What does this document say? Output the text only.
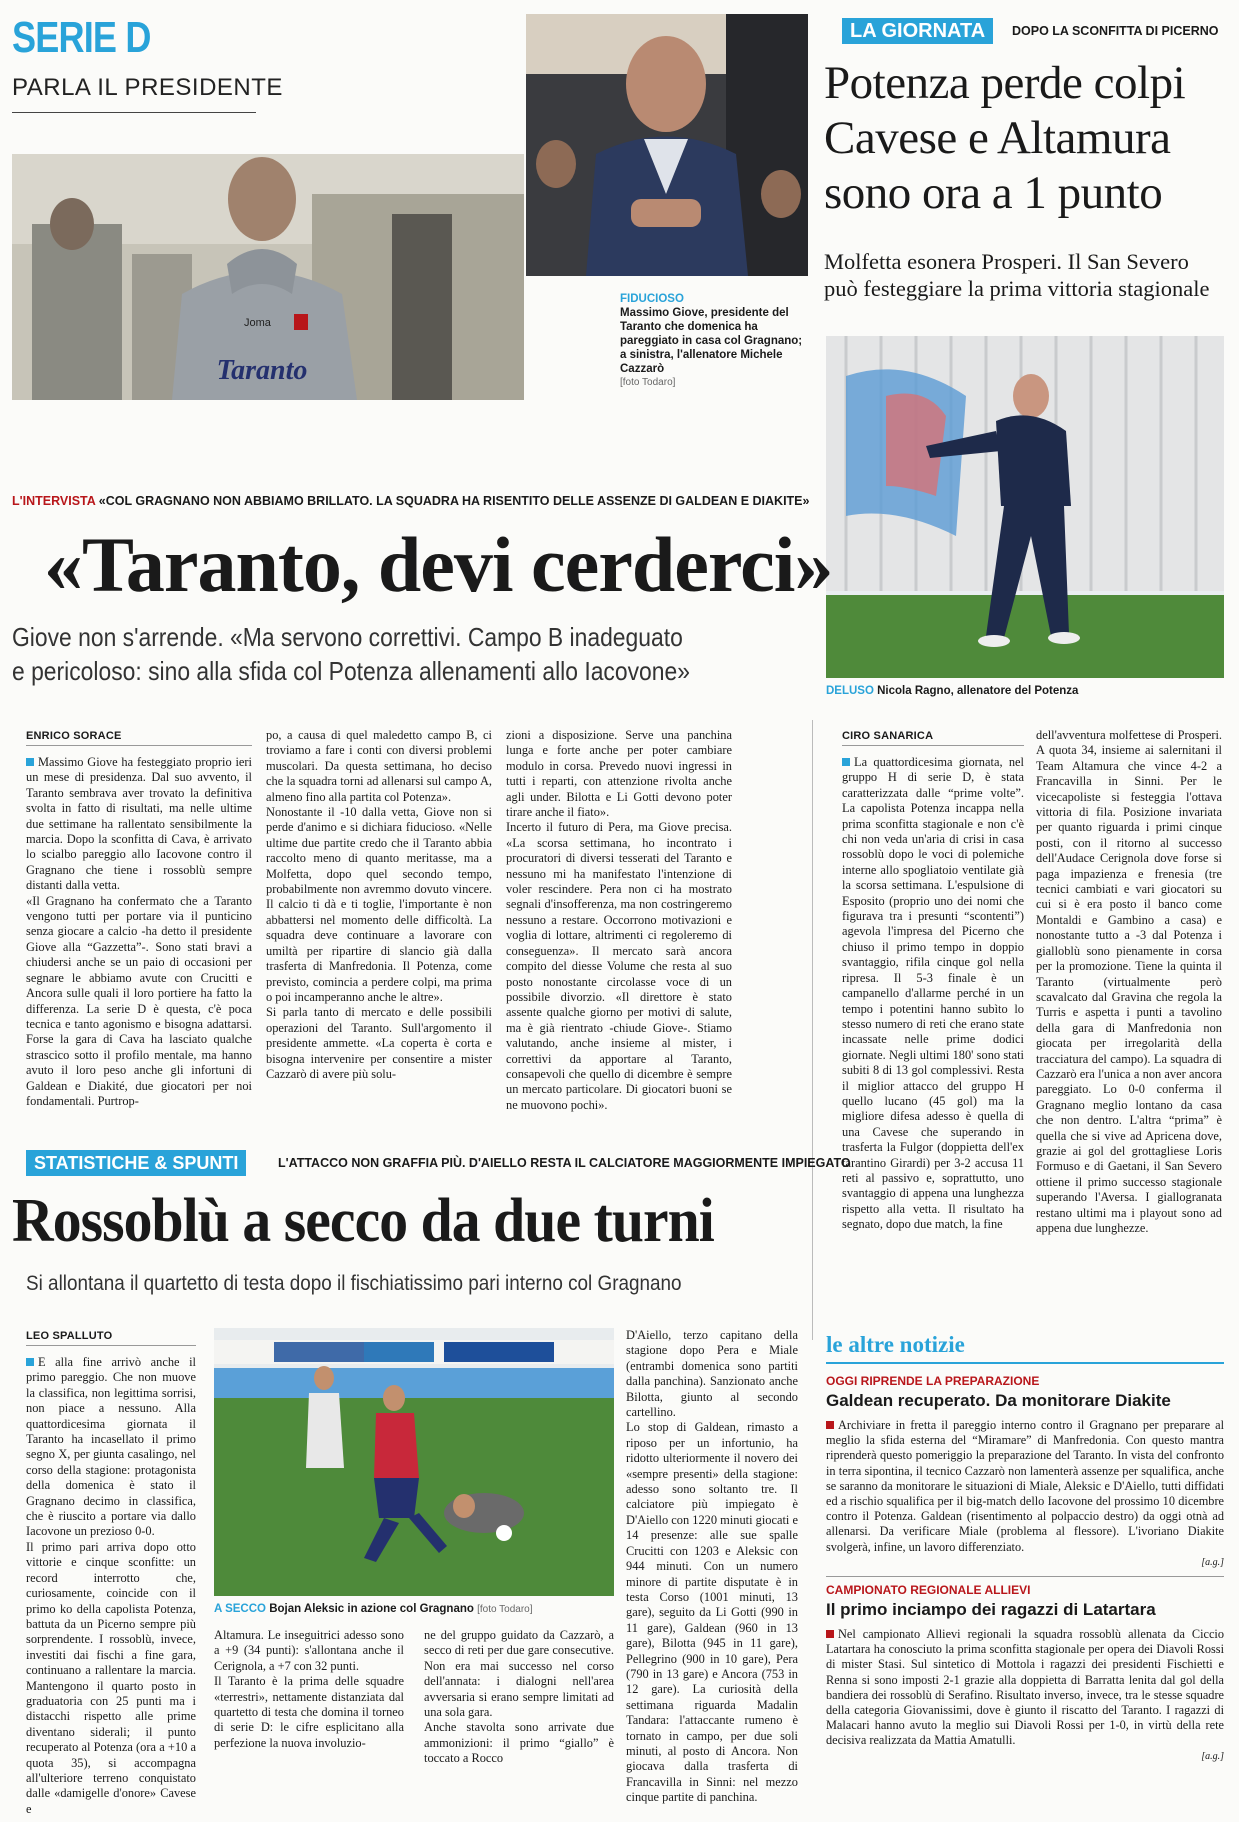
SERIE D
PARLA IL PRESIDENTE
Taranto
Joma
FIDUCIOSO
Massimo Giove, presidente del Taranto che domenica ha pareggiato in casa col Gragnano; a sinistra, l'allenatore Michele Cazzarò
[foto Todaro]
LA GIORNATA	DOPO LA SCONFITTA DI PICERNO
Potenza perde colpi
Cavese e Altamura
sono ora a 1 punto
Molfetta esonera Prosperi. Il San Severo
può festeggiare la prima vittoria stagionale
DELUSO Nicola Ragno, allenatore del Potenza
L'INTERVISTA «COL GRAGNANO NON ABBIAMO BRILLATO. LA SQUADRA HA RISENTITO DELLE ASSENZE DI GALDEAN E DIAKITE»
«Taranto, devi cerderci»
Giove non s'arrende. «Ma servono correttivi. Campo B inadeguato
e pericoloso: sino alla sfida col Potenza allenamenti allo Iacovone»
ENRICO SORACE

Massimo Giove ha festeggiato proprio ieri un mese di presidenza. Dal suo avvento, il Taranto sembrava aver trovato la definitiva svolta in fatto di risultati, ma nelle ultime due settimane ha rallentato sensibilmente la marcia. Dopo la sconfitta di Cava, è arrivato lo scialbo pareggio allo Iacovone contro il Gragnano che tiene i rossoblù sempre distanti dalla vetta.
«Il Gragnano ha confermato che a Taranto vengono tutti per portare via il punticino senza giocare a calcio -ha detto il presidente Giove alla “Gazzetta”-. Sono stati bravi a chiudersi anche se un paio di occasioni per segnare le abbiamo avute con Crucitti e Ancora sulle quali il loro portiere ha fatto la differenza. La serie D è questa, c'è poca tecnica e tanto agonismo e bisogna adattarsi. Forse la gara di Cava ha lasciato qualche strascico sotto il profilo mentale, ma hanno avuto il loro peso anche gli infortuni di Galdean e Diakité, due giocatori per noi fondamentali. Purtrop-

po, a causa di quel maledetto campo B, ci troviamo a fare i conti con diversi problemi muscolari. Da questa settimana, ho deciso che la squadra torni ad allenarsi sul campo A, almeno fino alla partita col Potenza».
Nonostante il -10 dalla vetta, Giove non si perde d'animo e si dichiara fiducioso. «Nelle ultime due partite credo che il Taranto abbia raccolto meno di quanto meritasse, ma a Molfetta, dopo quel secondo tempo, probabilmente non avremmo dovuto vincere. Il calcio ti dà e ti toglie, l'importante è non abbattersi nel momento delle difficoltà. La squadra deve continuare a lavorare con umiltà per ripartire di slancio già dalla trasferta di Manfredonia. Il Potenza, come previsto, comincia a perdere colpi, ma prima o poi incamperanno anche le altre».
Si parla tanto di mercato e delle possibili operazioni del Taranto. Sull'argomento il presidente ammette. «La coperta è corta e bisogna intervenire per consentire a mister Cazzarò di avere più solu-

zioni a disposizione. Serve una panchina lunga e forte anche per poter cambiare modulo in corsa. Prevedo nuovi ingressi in tutti i reparti, con attenzione rivolta anche agli under. Bilotta e Li Gotti devono poter tirare anche il fiato».
Incerto il futuro di Pera, ma Giove precisa. «La scorsa settimana, ho incontrato i procuratori di diversi tesserati del Taranto e nessuno mi ha manifestato l'intenzione di voler rescindere. Pera non ci ha mostrato segnali d'insofferenza, ma non costringeremo nessuno a restare. Occorrono motivazioni e voglia di lottare, altrimenti ci regoleremo di conseguenza». Il mercato sarà ancora compito del diesse Volume che resta al suo posto nonostante circolasse voce di un possibile divorzio. «Il direttore è stato assente qualche giorno per motivi di salute, ma è già rientrato -chiude Giove-. Stiamo valutando, anche insieme al mister, i correttivi da apportare al Taranto, consapevoli che quello di dicembre è sempre un mercato particolare. Di giocatori buoni se ne muovono pochi».

CIRO SANARICA

La quattordicesima giornata, nel gruppo H di serie D, è stata caratterizzata dalle “prime volte”. La capolista Potenza incappa nella prima sconfitta stagionale e non c'è chi non veda un'aria di crisi in casa rossoblù dopo le voci di polemiche interne allo spogliatoio ventilate già la scorsa settimana. L'espulsione di Esposito (proprio uno dei nomi che figurava tra i presunti “scontenti”) agevola l'impresa del Picerno che chiuso il primo tempo in doppio svantaggio, rifila cinque gol nella ripresa. Il 5-3 finale è un campanello d'allarme perché in un tempo i potentini hanno subìto lo stesso numero di reti che erano state incassate nelle prime dodici giornate. Negli ultimi 180' sono stati subiti 8 di 13 gol complessivi. Resta il miglior attacco del gruppo H quello lucano (45 gol) ma la migliore difesa adesso è quella di una Cavese che superando in trasferta la Fulgor (doppietta dell'ex tarantino Girardi) per 3-2 accusa 11 reti al passivo e, soprattutto, uno svantaggio di appena una lunghezza rispetto alla vetta. Il risultato ha segnato, dopo due match, la fine

dell'avventura molfettese di Prosperi. A quota 34, insieme ai salernitani il Team Altamura che vince 4-2 a Francavilla in Sinni. Per le vicecapoliste si festeggia l'ottava vittoria di fila. Posizione invariata per quanto riguarda i primi cinque posti, con il ritorno al successo dell'Audace Cerignola dove forse si paga impazienza e frenesia (tre tecnici cambiati e vari giocatori su cui si è era posto il banco come Montaldi e Gambino a casa) e nonostante tutto a -3 dal Potenza i gialloblù sono pienamente in corsa per la promozione. Tiene la quinta il Taranto (virtualmente però scavalcato dal Gravina che regola la Turris e aspetta i punti a tavolino della gara di Manfredonia non giocata per irregolarità della tracciatura del campo). La squadra di Cazzarò era l'unica a non aver ancora pareggiato. Lo 0-0 conferma il Gragnano meglio lontano da casa che non dentro. L'altra “prima” è quella che si vive ad Apricena dove, grazie ai gol del grottagliese Loris Formuso e di Gaetani, il San Severo ottiene il primo successo stagionale superando l'Aversa. I giallogranata restano ultimi ma i playout sono ad appena due lunghezze.

STATISTICHE & SPUNTI	L'ATTACCO NON GRAFFIA PIÙ. D'AIELLO RESTA IL CALCIATORE MAGGIORMENTE IMPIEGATO
Rossoblù a secco da due turni
Si allontana il quartetto di testa dopo il fischiatissimo pari interno col Gragnano
LEO SPALLUTO

E alla fine arrivò anche il primo pareggio. Che non muove la classifica, non legittima sorrisi, non piace a nessuno. Alla quattordicesima giornata il Taranto ha incasellato il primo segno X, per giunta casalingo, nel corso della stagione: protagonista della domenica è stato il Gragnano decimo in classifica, che è riuscito a portare via dallo Iacovone un prezioso 0-0.
Il primo pari arriva dopo otto vittorie e cinque sconfitte: un record interrotto che, curiosamente, coincide con il primo ko della capolista Potenza, battuta da un Picerno sempre più sorprendente. I rossoblù, invece, investiti dai fischi a fine gara, continuano a rallentare la marcia. Mantengono il quarto posto in graduatoria con 25 punti ma i distacchi rispetto alle prime diventano siderali; il punto recuperato al Potenza (ora a +10 a quota 35), si accompagna all'ulteriore terreno conquistato dalle «damigelle d'onore» Cavese e

A SECCO Bojan Aleksic in azione col Gragnano [foto Todaro]

Altamura. Le inseguitrici adesso sono a +9 (34 punti): s'allontana anche il Cerignola, a +7 con 32 punti.
Il Taranto è la prima delle squadre «terrestri», nettamente distanziata dal quartetto di testa che domina il torneo di serie D: le cifre esplicitano alla perfezione la nuova involuzio-

ne del gruppo guidato da Cazzarò, a secco di reti per due gare consecutive. Non era mai successo nel corso dell'annata: i dialogni nell'area avversaria si erano sempre limitati ad una sola gara.
Anche stavolta sono arrivate due ammonizioni: il primo “giallo” è toccato a Rocco

D'Aiello, terzo capitano della stagione dopo Pera e Miale (entrambi domenica sono partiti dalla panchina). Sanzionato anche Bilotta, giunto al secondo cartellino.
Lo stop di Galdean, rimasto a riposo per un infortunio, ha ridotto ulteriormente il novero dei «sempre presenti» della stagione: adesso sono soltanto tre. Il calciatore più impiegato è D'Aiello con 1220 minuti giocati e 14 presenze: alle sue spalle Crucitti con 1203 e Aleksic con 944 minuti. Con un numero minore di partite disputate è in testa Corso (1001 minuti, 13 gare), seguito da Li Gotti (990 in 11 gare), Galdean (960 in 13 gare), Bilotta (945 in 11 gare), Pellegrino (900 in 10 gare), Pera (790 in 13 gare) e Ancora (753 in 12 gare). La curiosità della settimana riguarda Madalin Tandara: l'attaccante rumeno è tornato in campo, per due soli minuti, al posto di Ancora. Non giocava dalla trasferta di Francavilla in Sinni: nel mezzo cinque partite di panchina.

le altre notizie
OGGI RIPRENDE LA PREPARAZIONE
Galdean recuperato. Da monitorare Diakite
Archiviare in fretta il pareggio interno contro il Gragnano per preparare al meglio la sfida esterna del “Miramare” di Manfredonia. Con questo mantra riprenderà questo pomeriggio la preparazione del Taranto. In vista del confronto in terra sipontina, il tecnico Cazzarò non lamenterà assenze per squalifica, anche se saranno da monitorare le situazioni di Miale, Aleksic e D'Aiello, tutti diffidati ed a rischio squalifica per il big-match dello Iacovone del prossimo 10 dicembre contro il Potenza. Galdean (risentimento al polpaccio destro) da oggi otnà ad allenarsi. Da verificare Miale (problema al flessore). L'ivoriano Diakite svolgerà, infine, un lavoro differenziato.
[a.g.]
CAMPIONATO REGIONALE ALLIEVI
Il primo inciampo dei ragazzi di Latartara
Nel campionato Allievi regionali la squadra rossoblù allenata da Ciccio Latartara ha conosciuto la prima sconfitta stagionale per opera dei Diavoli Rossi di mister Stasi. Sul sintetico di Mottola i ragazzi dei presidenti Fischietti e Renna si sono imposti 2-1 grazie alla doppietta di Barratta lenita dal gol della bandiera dei rossoblù di Serafino. Risultato inverso, invece, tra le stesse squadre della categoria Giovanissimi, dove è giunto il riscatto del Taranto. I ragazzi di Malacari hanno avuto la meglio sui Diavoli Rossi per 1-0, in virtù della rete decisiva realizzata da Mattia Amatulli.
[a.g.]
